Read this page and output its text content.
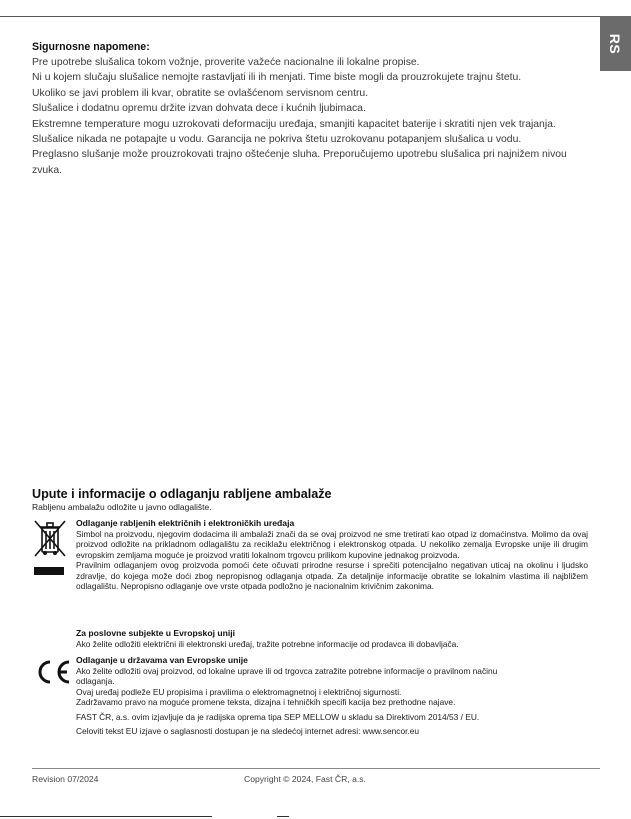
RS
Sigurnosne napomene:

Pre upotrebe slušalica tokom vožnje, proverite važeće nacionalne ili lokalne propise.

Ni u kojem slučaju slušalice nemojte rastavljati ili ih menjati. Time biste mogli da prouzrokujete trajnu štetu.

Ukoliko se javi problem ili kvar, obratite se ovlašćenom servisnom centru.

Slušalice i dodatnu opremu držite izvan dohvata dece i kućnih ljubimaca.

Ekstremne temperature mogu uzrokovati deformaciju uređaja, smanjiti kapacitet baterije i skratiti njen vek trajanja.

Slušalice nikada ne potapajte u vodu. Garancija ne pokriva štetu uzrokovanu potapanjem slušalica u vodu.

Preglasno slušanje može prouzrokovati trajno oštećenje sluha. Preporučujemo upotrebu slušalica pri najnižem nivou zvuka.

Upute i informacije o odlaganju rabljene ambalaže

Rabljenu ambalažu odložite u javno odlagalište.

Odlaganje rabljenih električnih i elektroničkih uređaja

Simbol na proizvodu, njegovim dodacima ili ambalaži znači da se ovaj proizvod ne sme tretirati kao otpad iz domaćinstva. Molimo da ovaj proizvod odložite na prikladnom odlagalištu za reciklažu električnog i elektronskog otpada. U nekoliko zemalja Evropske unije ili drugim evropskim zemljama moguće je proizvod vratiti lokalnom trgovcu prilikom kupovine jednakog proizvoda.

Pravilnim odlaganjem ovog proizvoda pomoći ćete očuvati prirodne resurse i sprečiti potencijalno negativan uticaj na okolinu i ljudsko zdravlje, do kojega može doći zbog nepropisnog odlaganja otpada. Za detaljnije informacije obratite se lokalnim vlastima ili najbližem odlagalištu. Nepropisno odlaganje ove vrste otpada podložno je nacionalnim krivičnim zakonima.

Za poslovne subjekte u Evropskoj uniji

Ako želite odložiti električni ili elektronski uređaj, tražite potrebne informacije od prodavca ili dobavljača.

Odlaganje u državama van Evropske unije

Ako želite odložiti ovaj proizvod, od lokalne uprave ili od trgovca zatražite potrebne informacije o pravilnom načinu

odlaganja.

Ovaj uređaj podleže EU propisima i pravilima o elektromagnetnoj i električnoj sigurnosti.

Zadržavamo pravo na moguće promene teksta, dizajna i tehničkih specifi kacija bez prethodne najave.

FAST ČR, a.s. ovim izjavljuje da je radijska oprema tipa SEP MELLOW u skladu sa Direktivom 2014/53 / EU.

Celoviti tekst EU izjave o saglasnosti dostupan je na sledećoj internet adresi: www.sencor.eu

Revision 07/2024	Copyright © 2024, Fast ČR, a.s.
